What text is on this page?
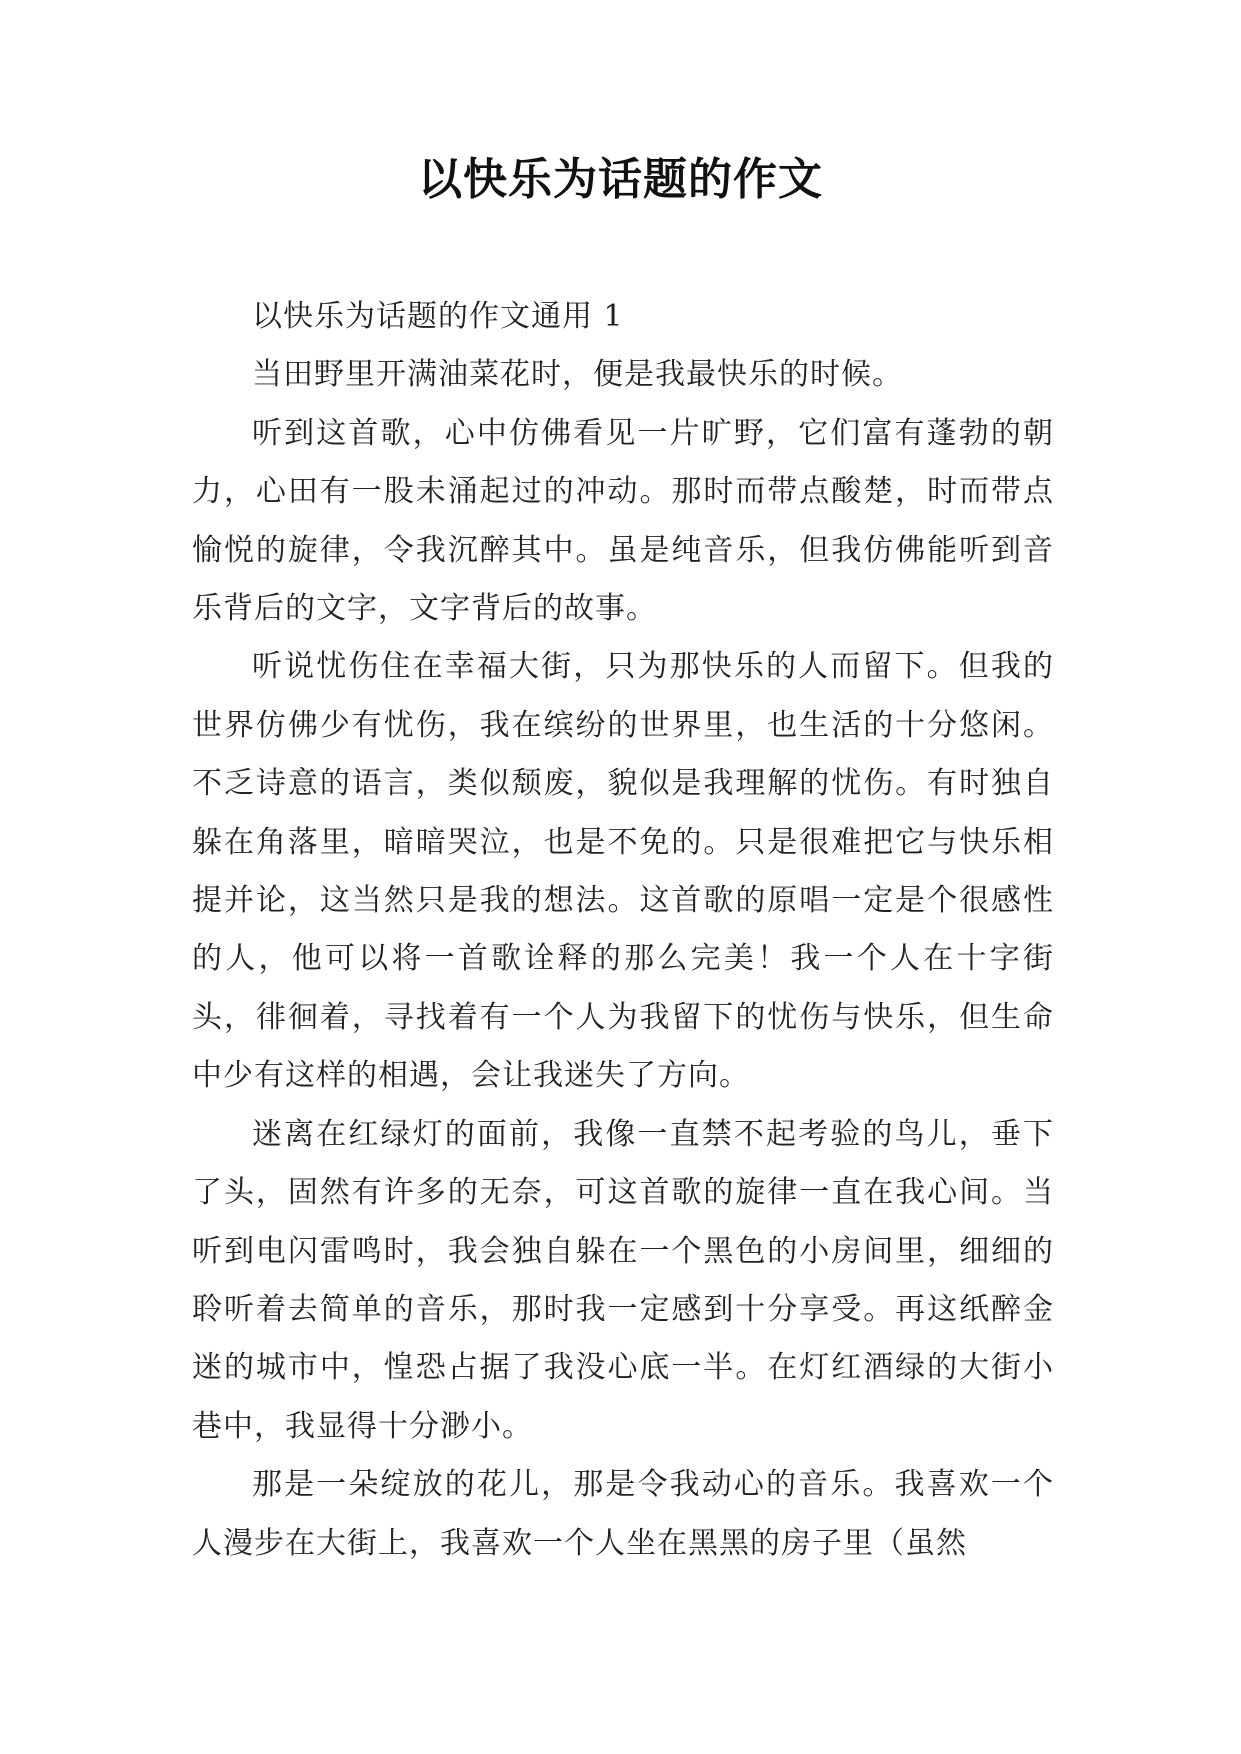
以快乐为话题的作文

以快乐为话题的作文通用 1

当田野里开满油菜花时，便是我最快乐的时候。

听到这首歌，心中仿佛看见一片旷野，它们富有蓬勃的朝力，心田有一股未涌起过的冲动。那时而带点酸楚，时而带点愉悦的旋律，令我沉醉其中。虽是纯音乐，但我仿佛能听到音乐背后的文字，文字背后的故事。

听说忧伤住在幸福大街，只为那快乐的人而留下。但我的世界仿佛少有忧伤，我在缤纷的世界里，也生活的十分悠闲。不乏诗意的语言，类似颓废，貌似是我理解的忧伤。有时独自躲在角落里，暗暗哭泣，也是不免的。只是很难把它与快乐相提并论，这当然只是我的想法。这首歌的原唱一定是个很感性的人，他可以将一首歌诠释的那么完美！我一个人在十字街头，徘徊着，寻找着有一个人为我留下的忧伤与快乐，但生命中少有这样的相遇，会让我迷失了方向。

迷离在红绿灯的面前，我像一直禁不起考验的鸟儿，垂下了头，固然有许多的无奈，可这首歌的旋律一直在我心间。当听到电闪雷鸣时，我会独自躲在一个黑色的小房间里，细细的聆听着去简单的音乐，那时我一定感到十分享受。再这纸醉金迷的城市中，惶恐占据了我没心底一半。在灯红酒绿的大街小巷中，我显得十分渺小。

那是一朵绽放的花儿，那是令我动心的音乐。我喜欢一个人漫步在大街上，我喜欢一个人坐在黑黑的房子里（虽然
